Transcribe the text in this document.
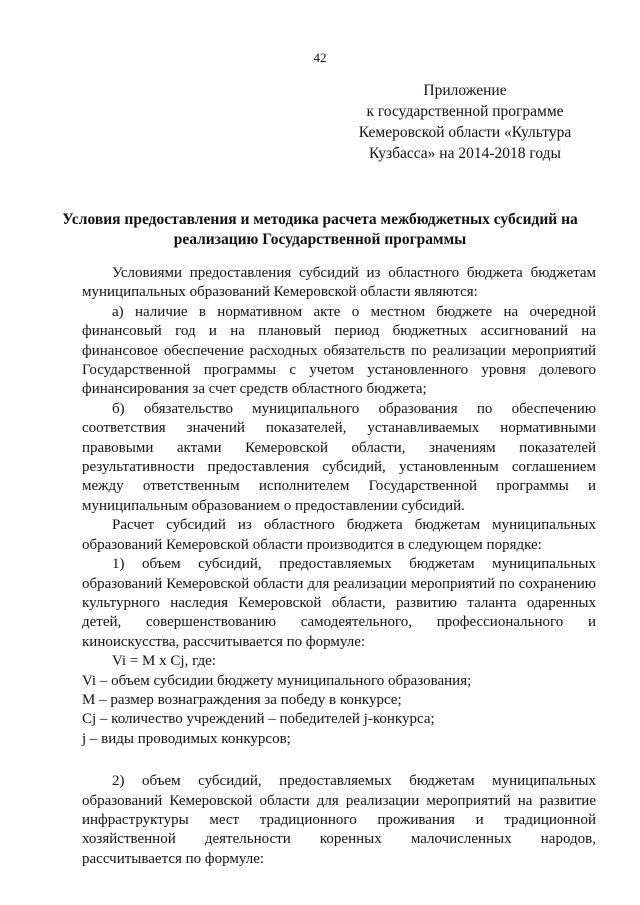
42
Приложение
к государственной программе
Кемеровской области «Культура
Кузбасса» на 2014-2018 годы
Условия предоставления и методика расчета межбюджетных субсидий на
реализацию Государственной программы

Условиями предоставления субсидий из областного бюджета бюджетам муниципальных образований Кемеровской области являются:

а) наличие в нормативном акте о местном бюджете на очередной финансовый год и на плановый период бюджетных ассигнований на финансовое обеспечение расходных обязательств по реализации мероприятий Государственной программы с учетом установленного уровня долевого финансирования за счет средств областного бюджета;

б) обязательство муниципального образования по обеспечению соответствия значений показателей, устанавливаемых нормативными правовыми актами Кемеровской области, значениям показателей результативности предоставления субсидий, установленным соглашением между ответственным исполнителем Государственной программы и муниципальным образованием о предоставлении субсидий.

Расчет субсидий из областного бюджета бюджетам муниципальных образований Кемеровской области производится в следующем порядке:

1) объем субсидий, предоставляемых бюджетам муниципальных образований Кемеровской области для реализации мероприятий по сохранению культурного наследия Кемеровской области, развитию таланта одаренных детей, совершенствованию самодеятельного, профессионального и киноискусства, рассчитывается по формуле:

Vi = M x Cj, где:

Vi – объем субсидии бюджету муниципального образования;

M – размер вознаграждения за победу в конкурсе;

Cj – количество учреждений – победителей j-конкурса;

j – виды проводимых конкурсов;

2) объем субсидий, предоставляемых бюджетам муниципальных образований Кемеровской области для реализации мероприятий на развитие инфраструктуры мест традиционного проживания и традиционной хозяйственной деятельности коренных малочисленных народов, рассчитывается по формуле:
